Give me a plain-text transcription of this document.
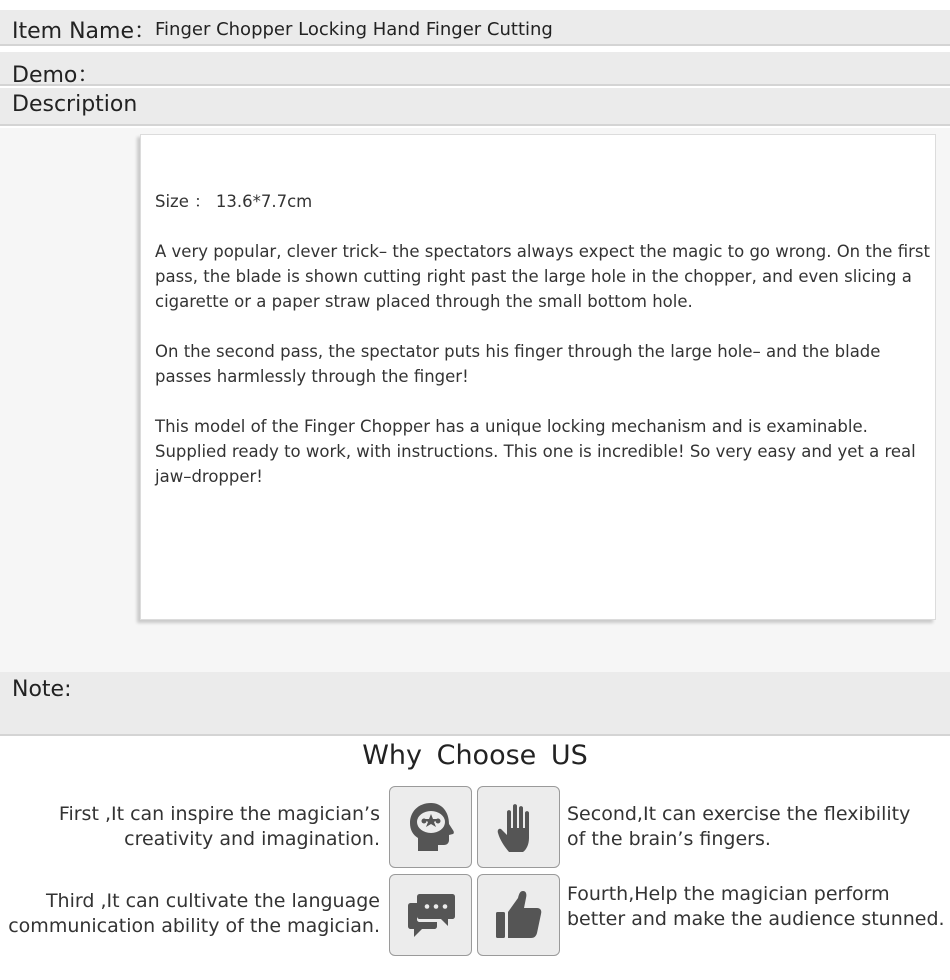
Item Name： Finger Chopper Locking Hand Finger Cutting
Demo：
Description
Size ： 13.6*7.7cm
A very popular, clever trick– the spectators always expect the magic to go wrong. On the first pass, the blade is shown cutting right past the large hole in the chopper, and even slicing a cigarette or a paper straw placed through the small bottom hole.
On the second pass, the spectator puts his finger through the large hole– and the blade passes harmlessly through the finger!
This model of the Finger Chopper has a unique locking mechanism and is examinable. Supplied ready to work, with instructions. This one is incredible! So very easy and yet a real jaw–dropper!
Note:
Why Choose US
First ,It can inspire the magician’s
creativity and imagination.
Second,It can exercise the flexibility
of the brain’s fingers.
Third ,It can cultivate the language
communication ability of the magician.
Fourth,Help the magician perform
better and make the audience stunned.
